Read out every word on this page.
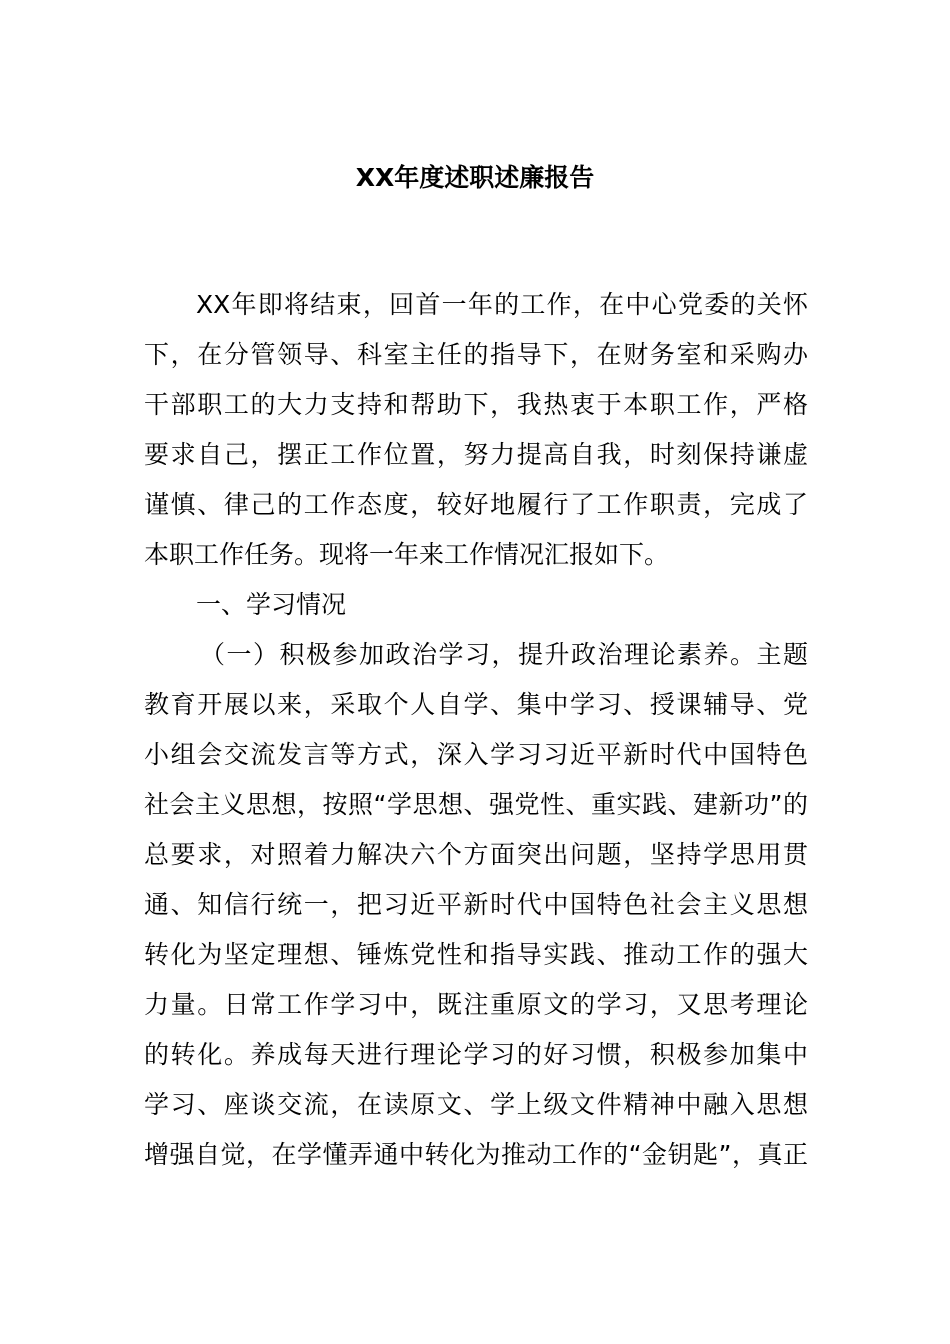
XX年度述职述廉报告
XX年即将结束，回首一年的工作，在中心党委的关怀
下，在分管领导、科室主任的指导下，在财务室和采购办
干部职工的大力支持和帮助下，我热衷于本职工作，严格
要求自己，摆正工作位置，努力提高自我，时刻保持谦虚
谨慎、律己的工作态度，较好地履行了工作职责，完成了
本职工作任务。现将一年来工作情况汇报如下。
一、学习情况
（一）积极参加政治学习，提升政治理论素养。主题
教育开展以来，采取个人自学、集中学习、授课辅导、党
小组会交流发言等方式，深入学习习近平新时代中国特色
社会主义思想，按照“学思想、强党性、重实践、建新功”的
总要求，对照着力解决六个方面突出问题，坚持学思用贯
通、知信行统一，把习近平新时代中国特色社会主义思想
转化为坚定理想、锤炼党性和指导实践、推动工作的强大
力量。日常工作学习中，既注重原文的学习，又思考理论
的转化。养成每天进行理论学习的好习惯，积极参加集中
学习、座谈交流，在读原文、学上级文件精神中融入思想
增强自觉，在学懂弄通中转化为推动工作的“金钥匙”，真正
